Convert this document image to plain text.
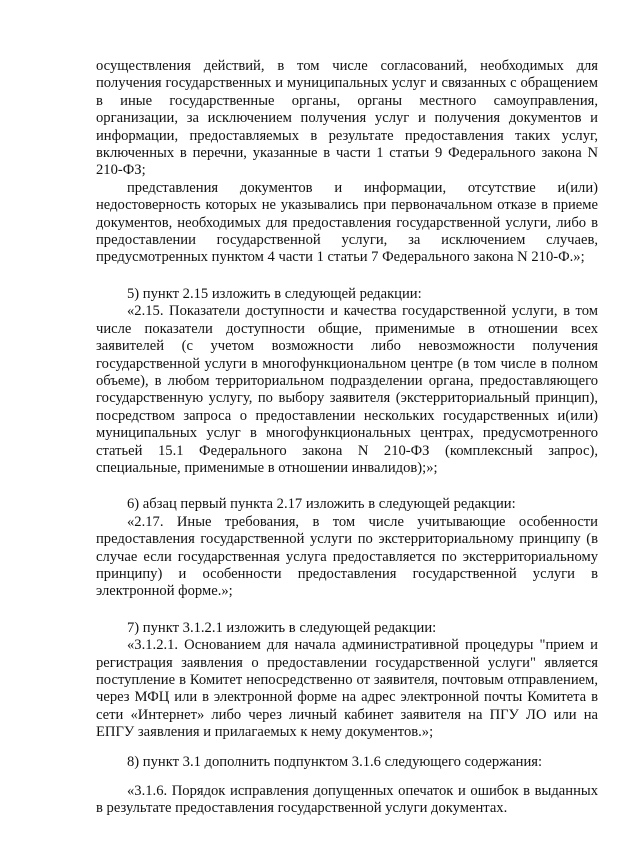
осуществления действий, в том числе согласований, необходимых для получения государственных и муниципальных услуг и связанных с обращением в иные государственные органы, органы местного самоуправления, организации, за исключением получения услуг и получения документов и информации, предоставляемых в результате предоставления таких услуг, включенных в перечни, указанные в части 1 статьи 9 Федерального закона N 210-ФЗ;

представления документов и информации, отсутствие и(или) недостоверность которых не указывались при первоначальном отказе в приеме документов, необходимых для предоставления государственной услуги, либо в предоставлении государственной услуги, за исключением случаев, предусмотренных пунктом 4 части 1 статьи 7 Федерального закона N 210-Ф.»;

5) пункт 2.15 изложить в следующей редакции:

«2.15. Показатели доступности и качества государственной услуги, в том числе показатели доступности общие, применимые в отношении всех заявителей (с учетом возможности либо невозможности получения государственной услуги в многофункциональном центре (в том числе в полном объеме), в любом территориальном подразделении органа, предоставляющего государственную услугу, по выбору заявителя (экстерриториальный принцип), посредством запроса о предоставлении нескольких государственных и(или) муниципальных услуг в многофункциональных центрах, предусмотренного статьей 15.1 Федерального закона N 210-ФЗ (комплексный запрос), специальные, применимые в отношении инвалидов);»;

6) абзац первый пункта 2.17 изложить в следующей редакции:

«2.17. Иные требования, в том числе учитывающие особенности предоставления государственной услуги по экстерриториальному принципу (в случае если государственная услуга предоставляется по экстерриториальному принципу) и особенности предоставления государственной услуги в электронной форме.»;

7) пункт 3.1.2.1 изложить в следующей редакции:

«3.1.2.1. Основанием для начала административной процедуры "прием и регистрация заявления о предоставлении государственной услуги" является поступление в Комитет непосредственно от заявителя, почтовым отправлением, через МФЦ или в электронной форме на адрес электронной почты Комитета в сети «Интернет» либо через личный кабинет заявителя на ПГУ ЛО или на ЕПГУ заявления и прилагаемых к нему документов.»;

8) пункт 3.1 дополнить подпунктом 3.1.6 следующего содержания:

«3.1.6. Порядок исправления допущенных опечаток и ошибок в выданных в результате предоставления государственной услуги документах.
